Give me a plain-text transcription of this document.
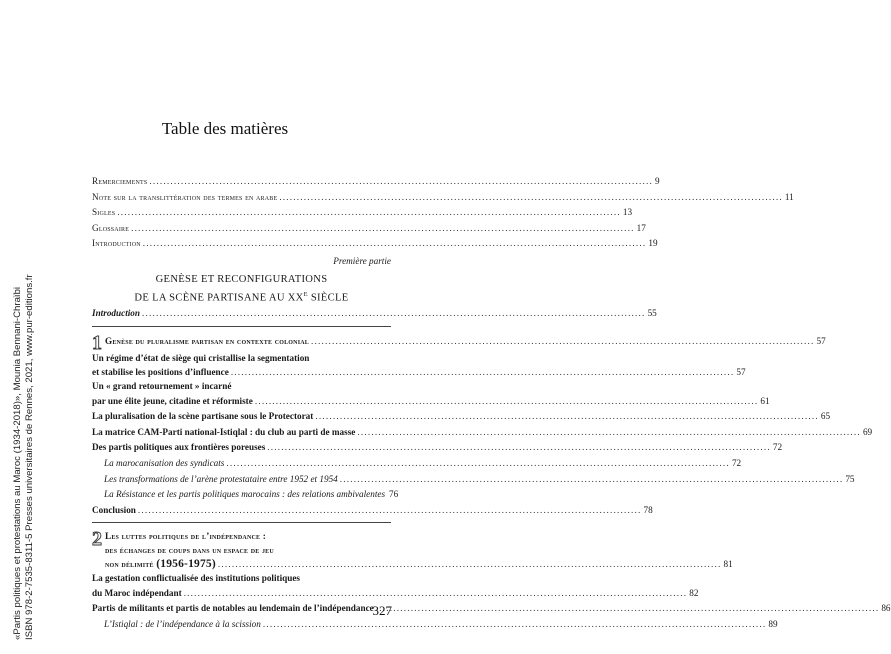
«Partis politiques et protestations au Maroc (1934-2018)», Mounia Bennani-Chraïbi ISBN 978-2-7535-8311-5 Presses universitaires de Rennes, 2021, www.pur-editions.fr
Table des matières
Remerciements .....	9
Note sur la translittération des termes en arabe .....	11
Sigles .....	13
Glossaire .....	17
Introduction .....	19
Première partie
GENÈSE ET RECONFIGURATIONS
DE LA SCÈNE PARTISANE AU $XX^E$ SIÈCLE
Introduction .....	55
1 Genèse du pluralisme partisan en contexte colonial .....	57
Un régime d’état de siège qui cristallise la segmentation
et stabilise les positions d’influence .....	57
Un « grand retournement » incarné
par une élite jeune, citadine et réformiste .....	61
La pluralisation de la scène partisane sous le Protectorat .....	65
La matrice CAM-Parti national-Istiqlal : du club au parti de masse .....	69
Des partis politiques aux frontières poreuses .....	72
La marocanisation des syndicats .....	72
Les transformations de l’arène protestataire entre 1952 et 1954 .....	75
La Résistance et les partis politiques marocains : des relations ambivalentes 76
Conclusion .....	78
2 Les luttes politiques de l’indépendance :
des échanges de coups dans un espace de jeu
non délimité (1956-1975) .....	81
La gestation conflictualisée des institutions politiques
du Maroc indépendant .....	82
Partis de militants et partis de notables au lendemain de l’indépendance .....	86
L’Istiqlal : de l’indépendance à la scission .....	89
327
